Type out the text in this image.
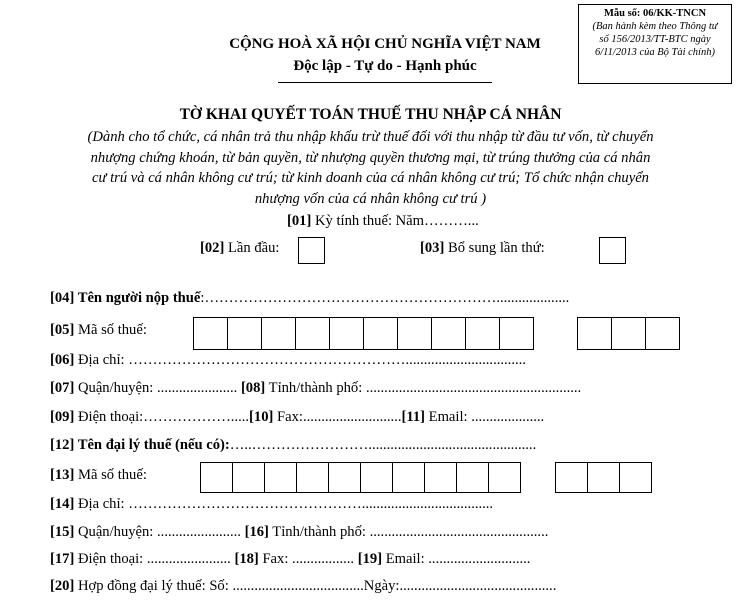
Mẫu số: 06/KK-TNCN
(Ban hành kèm theo Thông tư
số 156/2013/TT-BTC ngày
6/11/2013 của Bộ Tài chính)
CỘNG HOÀ XÃ HỘI CHỦ NGHĨA VIỆT NAM
Độc lập - Tự do - Hạnh phúc
TỜ KHAI QUYẾT TOÁN THUẾ THU NHẬP CÁ NHÂN
(Dành cho tổ chức, cá nhân trả thu nhập khấu trừ thuế đối với thu nhập từ đầu tư vốn, từ chuyển
nhượng chứng khoán, từ bản quyền, từ nhượng quyền thương mại, từ trúng thưởng của cá nhân
cư trú và cá nhân không cư trú; từ kinh doanh của cá nhân không cư trú; Tổ chức nhận chuyển
nhượng vốn của cá nhân không cư trú )
[01] Kỳ tính thuế: Năm………...
[02] Lần đầu:	[03] Bổ sung lần thứ:
[04] Tên người nộp thuế:……………………………………………………....................
[05] Mã số thuế:
[06] Địa chỉ: ………………………………………………….................................
[07] Quận/huyện: ...................... [08] Tỉnh/thành phố: ...........................................................
[09] Điện thoại:……………….....[10] Fax:...........................[11] Email: ....................
[12] Tên đại lý thuế (nếu có):…..……………………..............................................
[13] Mã số thuế:
[14] Địa chỉ: …………………………………………....................................
[15] Quận/huyện: ....................... [16] Tỉnh/thành phố: .................................................
[17] Điện thoại: ....................... [18] Fax: ................. [19] Email: ............................
[20] Hợp đồng đại lý thuế: Số: ....................................Ngày:...........................................
